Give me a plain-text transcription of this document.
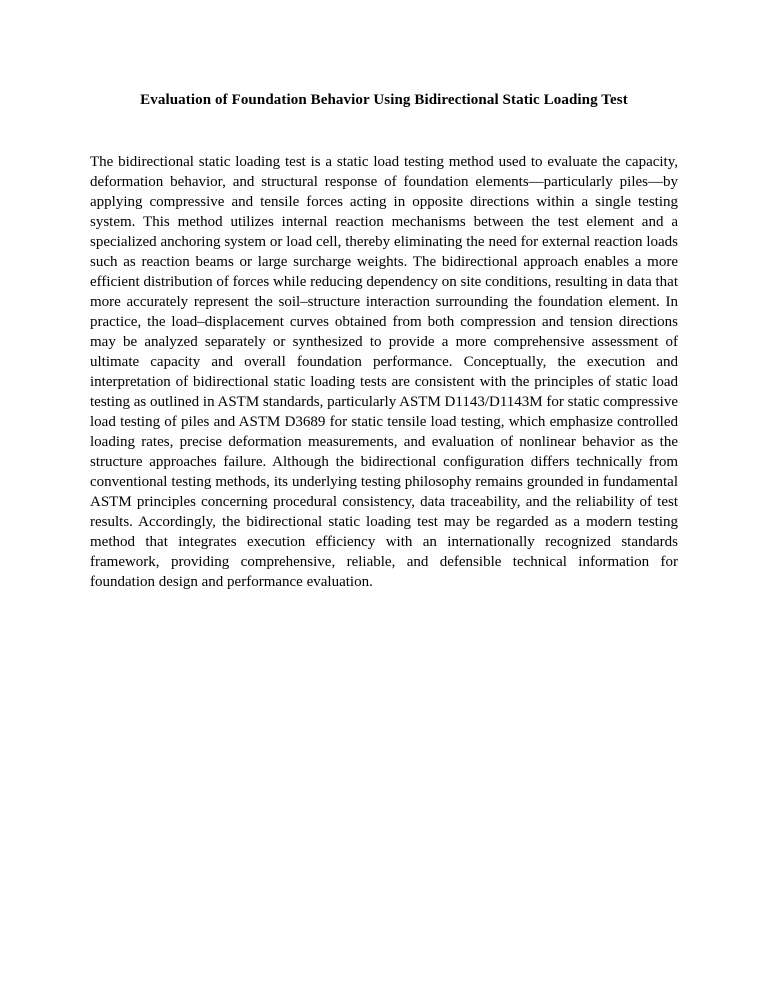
Evaluation of Foundation Behavior Using Bidirectional Static Loading Test

The bidirectional static loading test is a static load testing method used to evaluate the capacity, deformation behavior, and structural response of foundation elements—particularly piles—by applying compressive and tensile forces acting in opposite directions within a single testing system. This method utilizes internal reaction mechanisms between the test element and a specialized anchoring system or load cell, thereby eliminating the need for external reaction loads such as reaction beams or large surcharge weights. The bidirectional approach enables a more efficient distribution of forces while reducing dependency on site conditions, resulting in data that more accurately represent the soil–structure interaction surrounding the foundation element. In practice, the load–displacement curves obtained from both compression and tension directions may be analyzed separately or synthesized to provide a more comprehensive assessment of ultimate capacity and overall foundation performance. Conceptually, the execution and interpretation of bidirectional static loading tests are consistent with the principles of static load testing as outlined in ASTM standards, particularly ASTM D1143/D1143M for static compressive load testing of piles and ASTM D3689 for static tensile load testing, which emphasize controlled loading rates, precise deformation measurements, and evaluation of nonlinear behavior as the structure approaches failure. Although the bidirectional configuration differs technically from conventional testing methods, its underlying testing philosophy remains grounded in fundamental ASTM principles concerning procedural consistency, data traceability, and the reliability of test results. Accordingly, the bidirectional static loading test may be regarded as a modern testing method that integrates execution efficiency with an internationally recognized standards framework, providing comprehensive, reliable, and defensible technical information for foundation design and performance evaluation.
